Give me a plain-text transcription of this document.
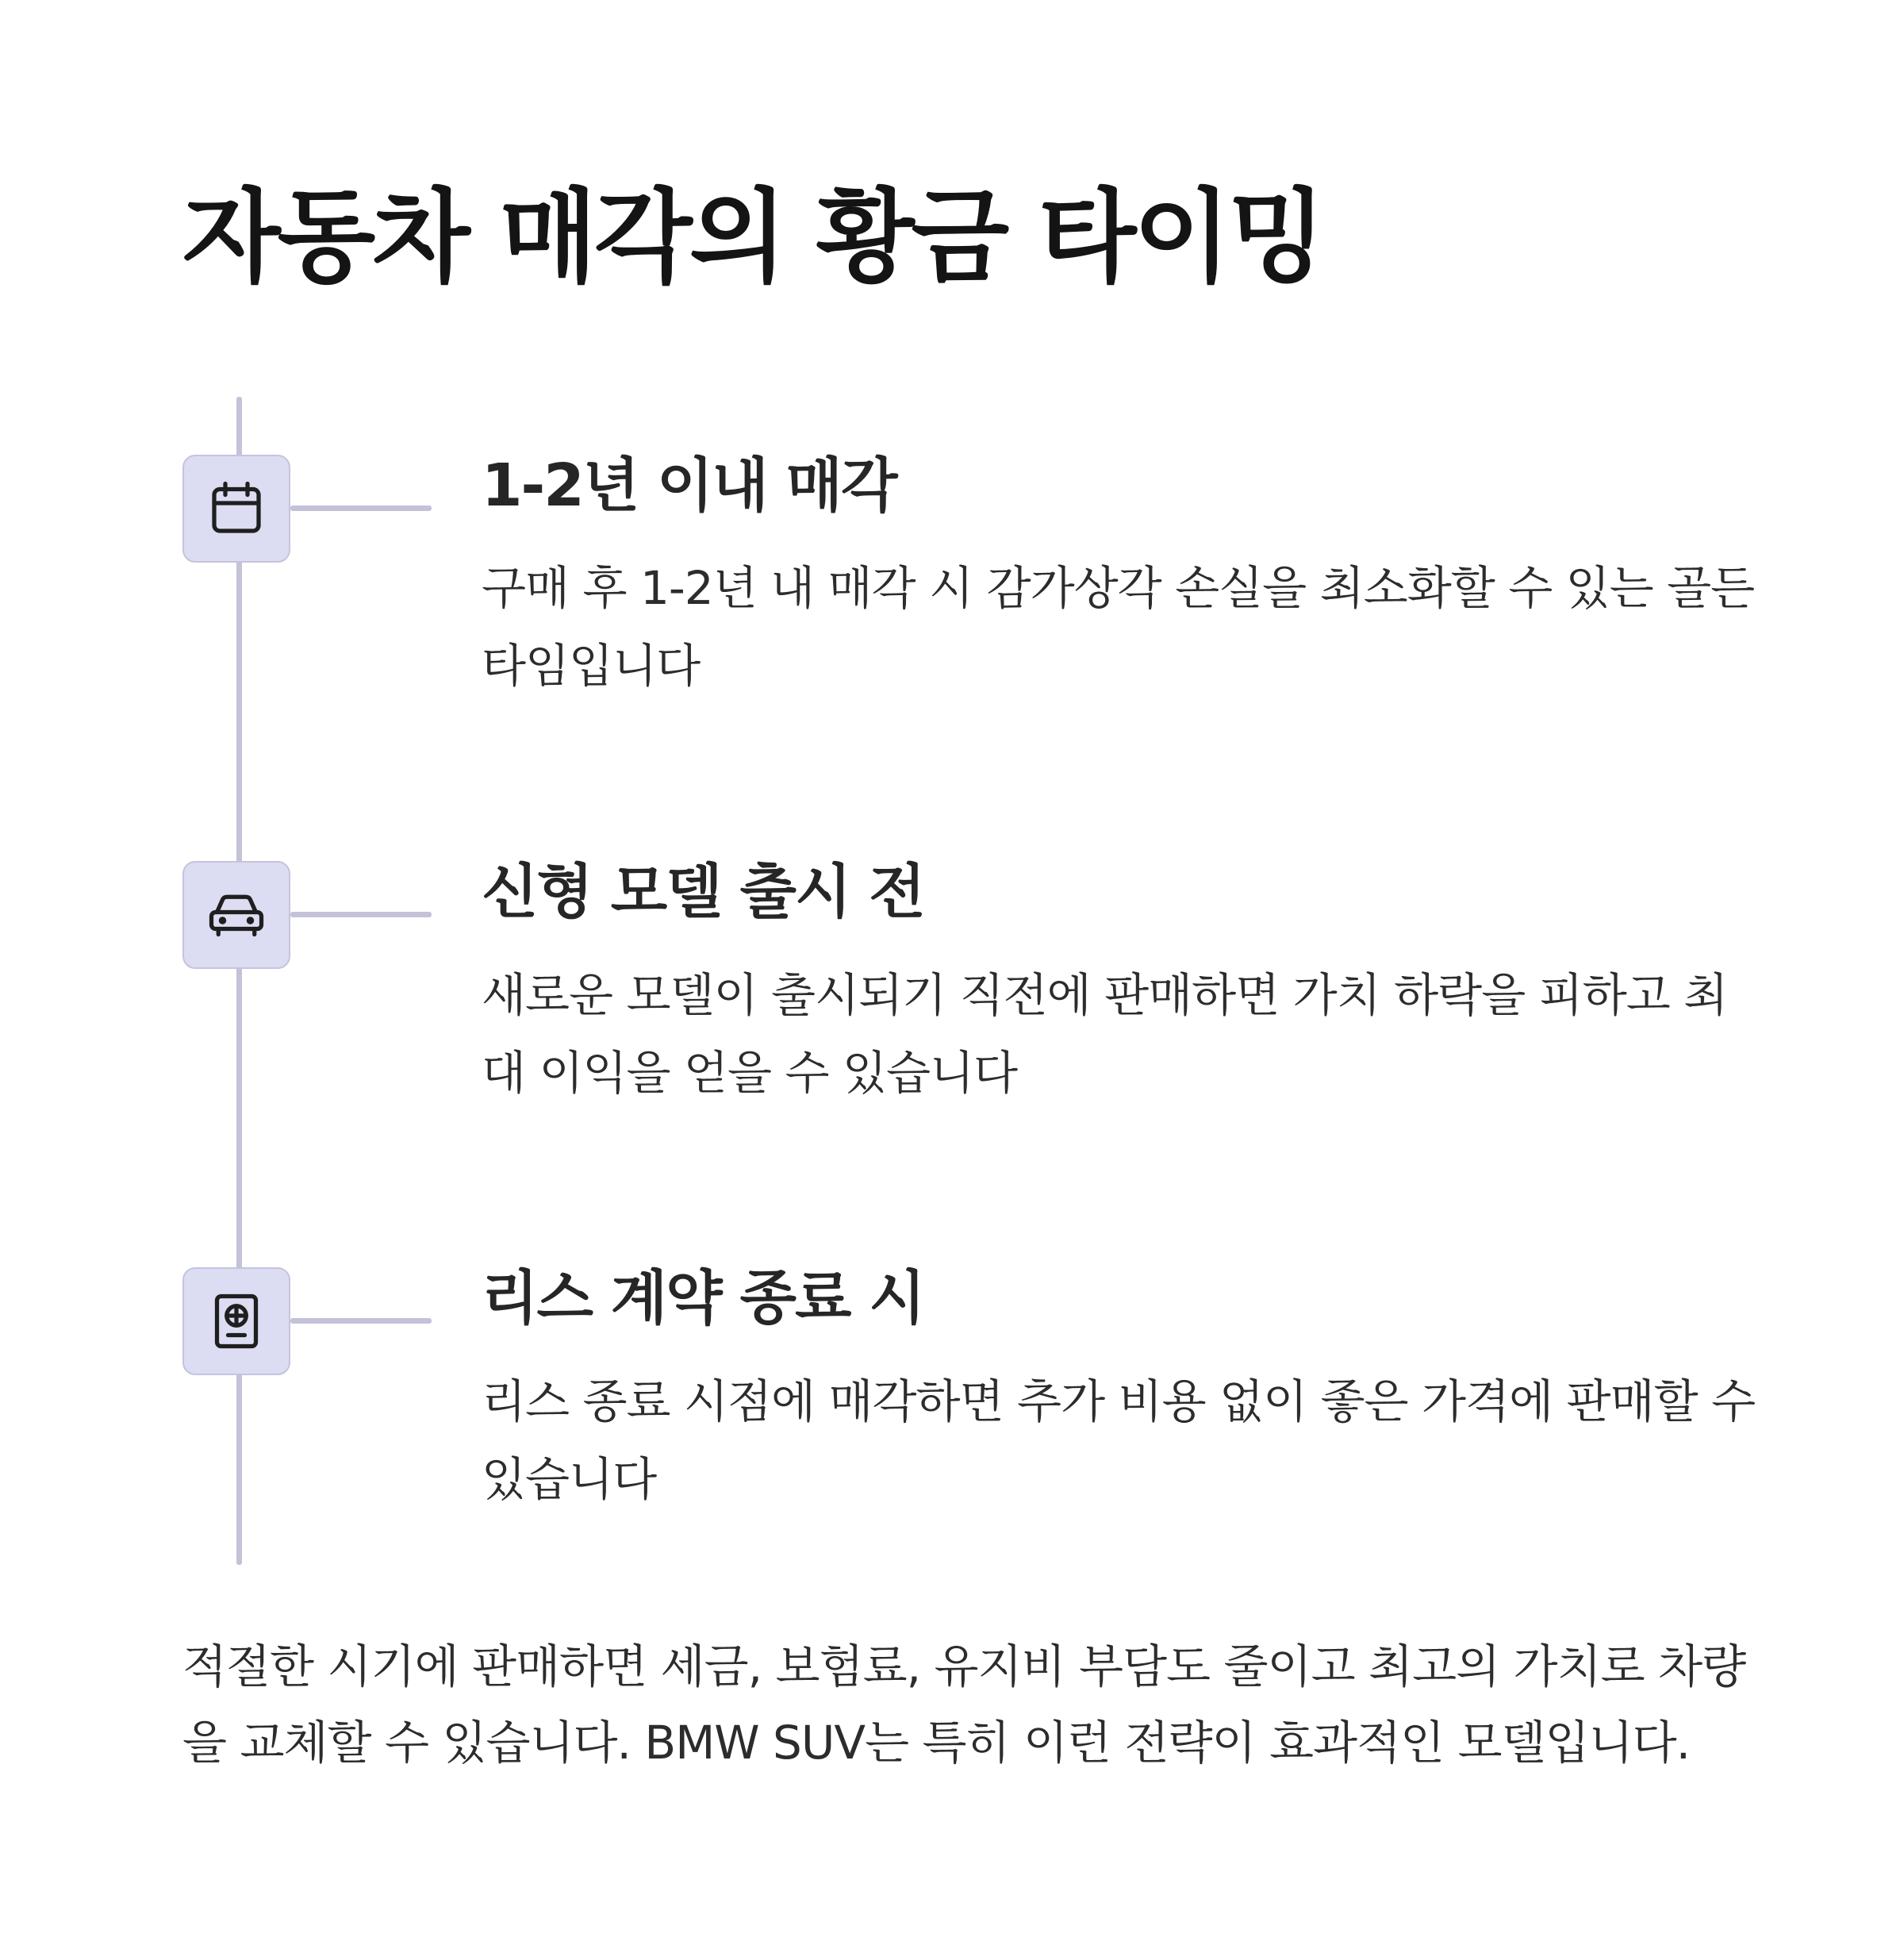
자동차 매각의 황금 타이밍
1-2년 이내 매각

구매 후 1-2년 내 매각 시 감가상각 손실을 최소화할 수 있는 골든 타임입니다

신형 모델 출시 전

새로운 모델이 출시되기 직전에 판매하면 가치 하락을 피하고 최대 이익을 얻을 수 있습니다

리스 계약 종료 시

리스 종료 시점에 매각하면 추가 비용 없이 좋은 가격에 판매할 수 있습니다

적절한 시기에 판매하면 세금, 보험료, 유지비 부담도 줄이고 최고의 가치로 차량을 교체할 수 있습니다. BMW SUV는 특히 이런 전략이 효과적인 모델입니다.
